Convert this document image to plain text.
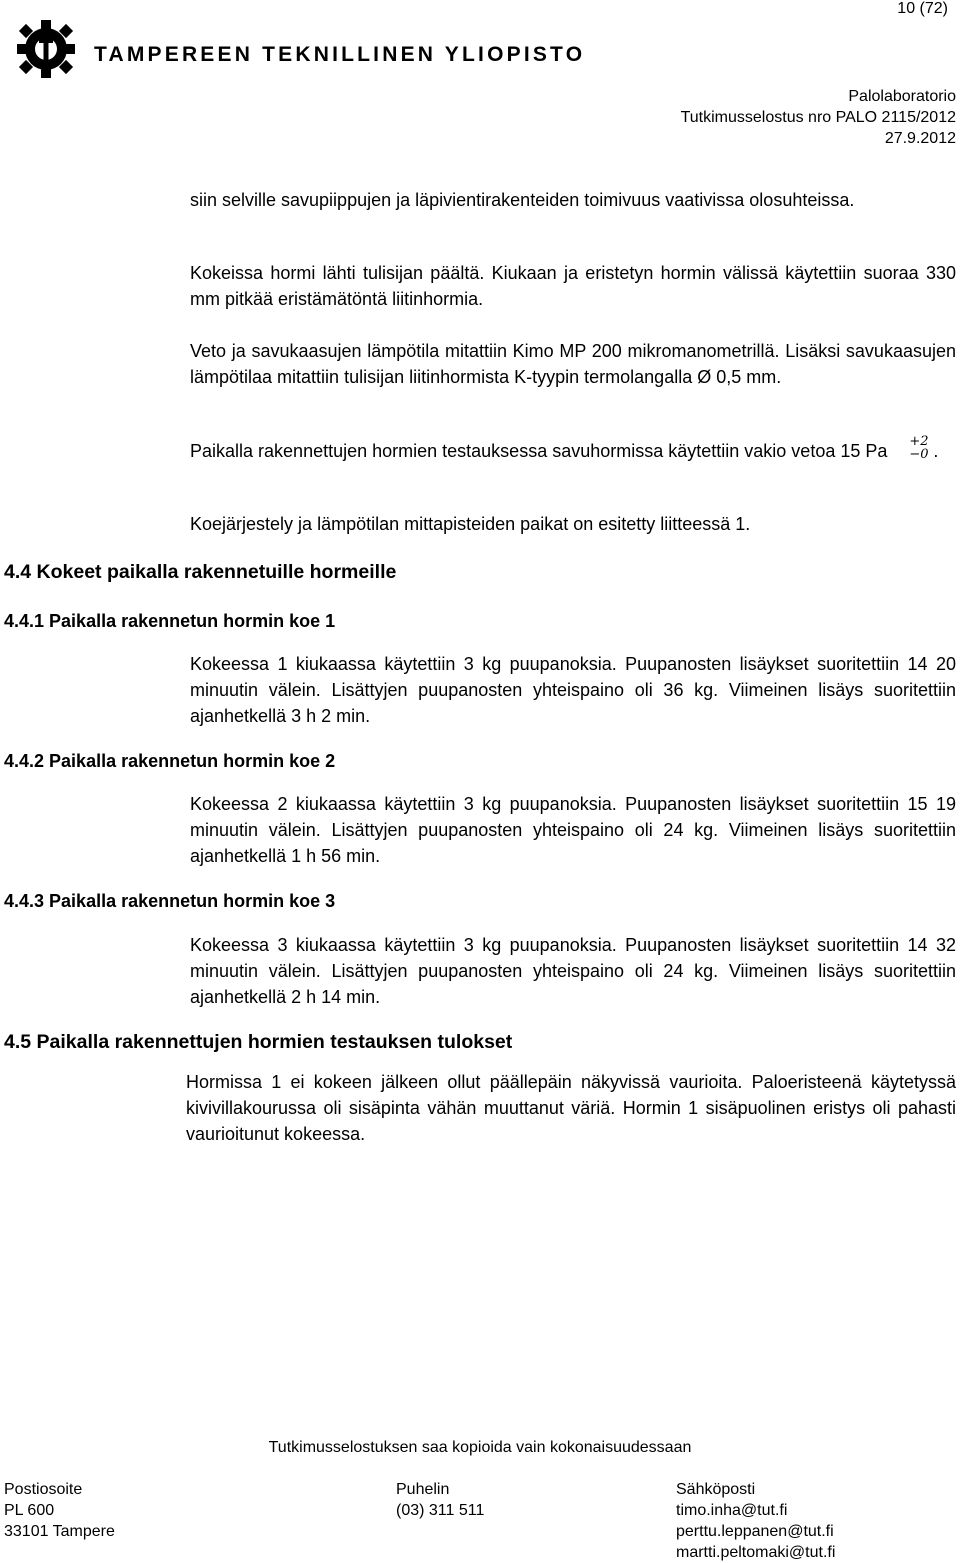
10 (72)
TAMPEREEN TEKNILLINEN YLIOPISTO
Palolaboratorio
Tutkimusselostus nro PALO 2115/2012
27.9.2012
siin selville savupiippujen ja läpivientirakenteiden toimivuus vaativissa olosuhteissa.
Kokeissa hormi lähti tulisijan päältä. Kiukaan ja eristetyn hormin välissä käytettiin suoraa 330 mm pitkää eristämätöntä liitinhormia.
Veto ja savukaasujen lämpötila mitattiin Kimo MP 200 mikromanometrillä. Lisäksi savukaasujen lämpötilaa mitattiin tulisijan liitinhormista K-tyypin termolangalla Ø 0,5 mm.
Paikalla rakennettujen hormien testauksessa savuhormissa käytettiin vakio vetoa 15 Pa +2
−0 .
Koejärjestely ja lämpötilan mittapisteiden paikat on esitetty liitteessä 1.
4.4 Kokeet paikalla rakennetuille hormeille
4.4.1 Paikalla rakennetun hormin koe 1
Kokeessa 1 kiukaassa käytettiin 3 kg puupanoksia. Puupanosten lisäykset suoritettiin 14 20 minuutin välein. Lisättyjen puupanosten yhteispaino oli 36 kg. Viimeinen lisäys suoritettiin ajanhetkellä 3 h 2 min.
4.4.2 Paikalla rakennetun hormin koe 2
Kokeessa 2 kiukaassa käytettiin 3 kg puupanoksia. Puupanosten lisäykset suoritettiin 15 19 minuutin välein. Lisättyjen puupanosten yhteispaino oli 24 kg. Viimeinen lisäys suoritettiin ajanhetkellä 1 h 56 min.
4.4.3 Paikalla rakennetun hormin koe 3
Kokeessa 3 kiukaassa käytettiin 3 kg puupanoksia. Puupanosten lisäykset suoritettiin 14 32 minuutin välein. Lisättyjen puupanosten yhteispaino oli 24 kg. Viimeinen lisäys suoritettiin ajanhetkellä 2 h 14 min.
4.5 Paikalla rakennettujen hormien testauksen tulokset
Hormissa 1 ei kokeen jälkeen ollut päällepäin näkyvissä vaurioita. Paloeristeenä käytetyssä kivivillakourussa oli sisäpinta vähän muuttanut väriä. Hormin 1 sisäpuolinen eristys oli pahasti vaurioitunut kokeessa.
Tutkimusselostuksen saa kopioida vain kokonaisuudessaan
Postiosoite
PL 600
33101 Tampere
Puhelin
(03) 311 511
Sähköposti
timo.inha@tut.fi
perttu.leppanen@tut.fi
martti.peltomaki@tut.fi
